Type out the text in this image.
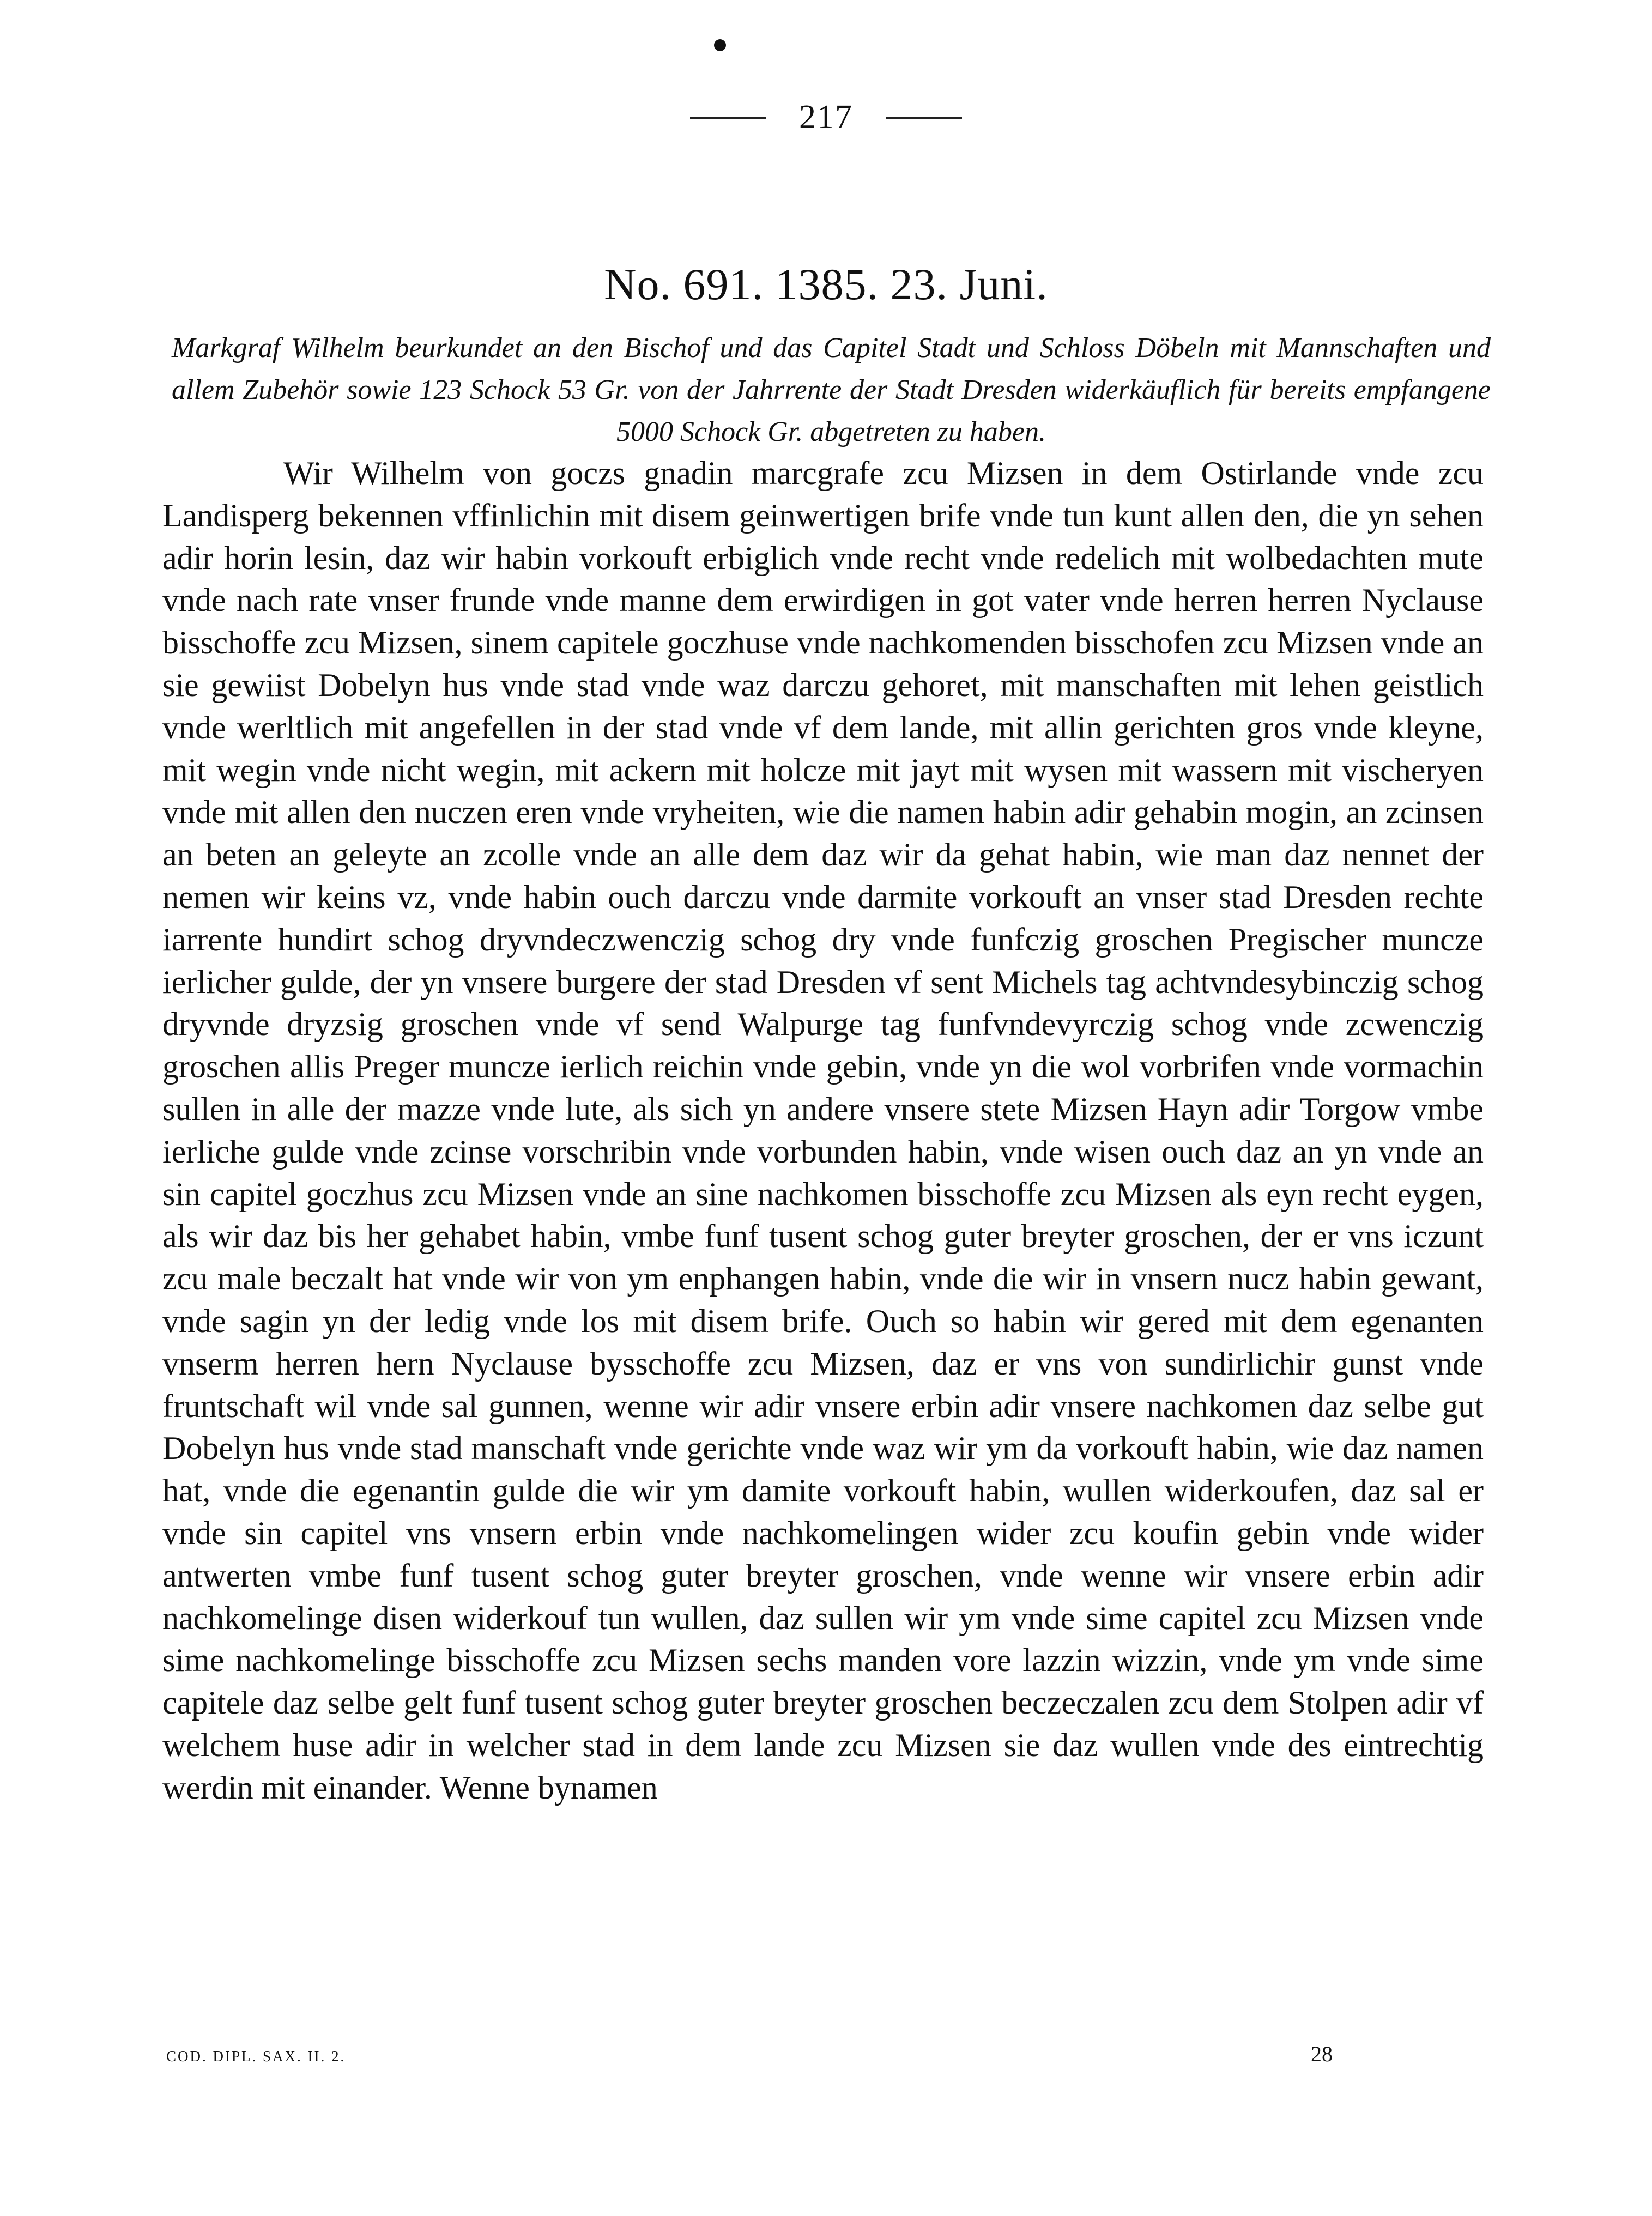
217
No. 691. 1385. 23. Juni.
Markgraf Wilhelm beurkundet an den Bischof und das Capitel Stadt und Schloss Döbeln mit Mannschaften und allem Zubehör sowie 123 Schock 53 Gr. von der Jahrrente der Stadt Dresden widerkäuflich für bereits empfangene 5000 Schock Gr. abgetreten zu haben.

Wir Wilhelm von goczs gnadin marcgrafe zcu Mizsen in dem Ostirlande vnde zcu Landisperg bekennen vffinlichin mit disem geinwertigen brife vnde tun kunt allen den, die yn sehen adir horin lesin, daz wir habin vorkouft erbiglich vnde recht vnde redelich mit wolbedachten mute vnde nach rate vnser frunde vnde manne dem erwirdigen in got vater vnde herren herren Nyclause bisschoffe zcu Mizsen, sinem capitele goczhuse vnde nachkomenden bisschofen zcu Mizsen vnde an sie gewiist Dobelyn hus vnde stad vnde waz darczu gehoret, mit manschaften mit lehen geistlich vnde werltlich mit angefellen in der stad vnde vf dem lande, mit allin gerichten gros vnde kleyne, mit wegin vnde nicht wegin, mit ackern mit holcze mit jayt mit wysen mit wassern mit vischeryen vnde mit allen den nuczen eren vnde vryheiten, wie die namen habin adir gehabin mogin, an zcinsen an beten an geleyte an zcolle vnde an alle dem daz wir da gehat habin, wie man daz nennet der nemen wir keins vz, vnde habin ouch darczu vnde darmite vorkouft an vnser stad Dresden rechte iarrente hundirt schog dryvndeczwenczig schog dry vnde funfczig groschen Pregischer muncze ierlicher gulde, der yn vnsere burgere der stad Dresden vf sent Michels tag achtvndesybinczig schog dryvnde dryzsig groschen vnde vf send Walpurge tag funfvndevyrczig schog vnde zcwenczig groschen allis Preger muncze ierlich reichin vnde gebin, vnde yn die wol vorbrifen vnde vormachin sullen in alle der mazze vnde lute, als sich yn andere vnsere stete Mizsen Hayn adir Torgow vmbe ierliche gulde vnde zcinse vorschribin vnde vorbunden habin, vnde wisen ouch daz an yn vnde an sin capitel goczhus zcu Mizsen vnde an sine nachkomen bisschoffe zcu Mizsen als eyn recht eygen, als wir daz bis her gehabet habin, vmbe funf tusent schog guter breyter groschen, der er vns iczunt zcu male beczalt hat vnde wir von ym enphangen habin, vnde die wir in vnsern nucz habin gewant, vnde sagin yn der ledig vnde los mit disem brife. Ouch so habin wir gered mit dem egenanten vnserm herren hern Nyclause bysschoffe zcu Mizsen, daz er vns von sundirlichir gunst vnde fruntschaft wil vnde sal gunnen, wenne wir adir vnsere erbin adir vnsere nachkomen daz selbe gut Dobelyn hus vnde stad manschaft vnde gerichte vnde waz wir ym da vorkouft habin, wie daz namen hat, vnde die egenantin gulde die wir ym damite vorkouft habin, wullen widerkoufen, daz sal er vnde sin capitel vns vnsern erbin vnde nachkomelingen wider zcu koufin gebin vnde wider antwerten vmbe funf tusent schog guter breyter groschen, vnde wenne wir vnsere erbin adir nachkomelinge disen widerkouf tun wullen, daz sullen wir ym vnde sime capitel zcu Mizsen vnde sime nachkomelinge bisschoffe zcu Mizsen sechs manden vore lazzin wizzin, vnde ym vnde sime capitele daz selbe gelt funf tusent schog guter breyter groschen beczeczalen zcu dem Stolpen adir vf welchem huse adir in welcher stad in dem lande zcu Mizsen sie daz wullen vnde des eintrechtig werdin mit einander. Wenne bynamen

COD. DIPL. SAX. II. 2.	28
